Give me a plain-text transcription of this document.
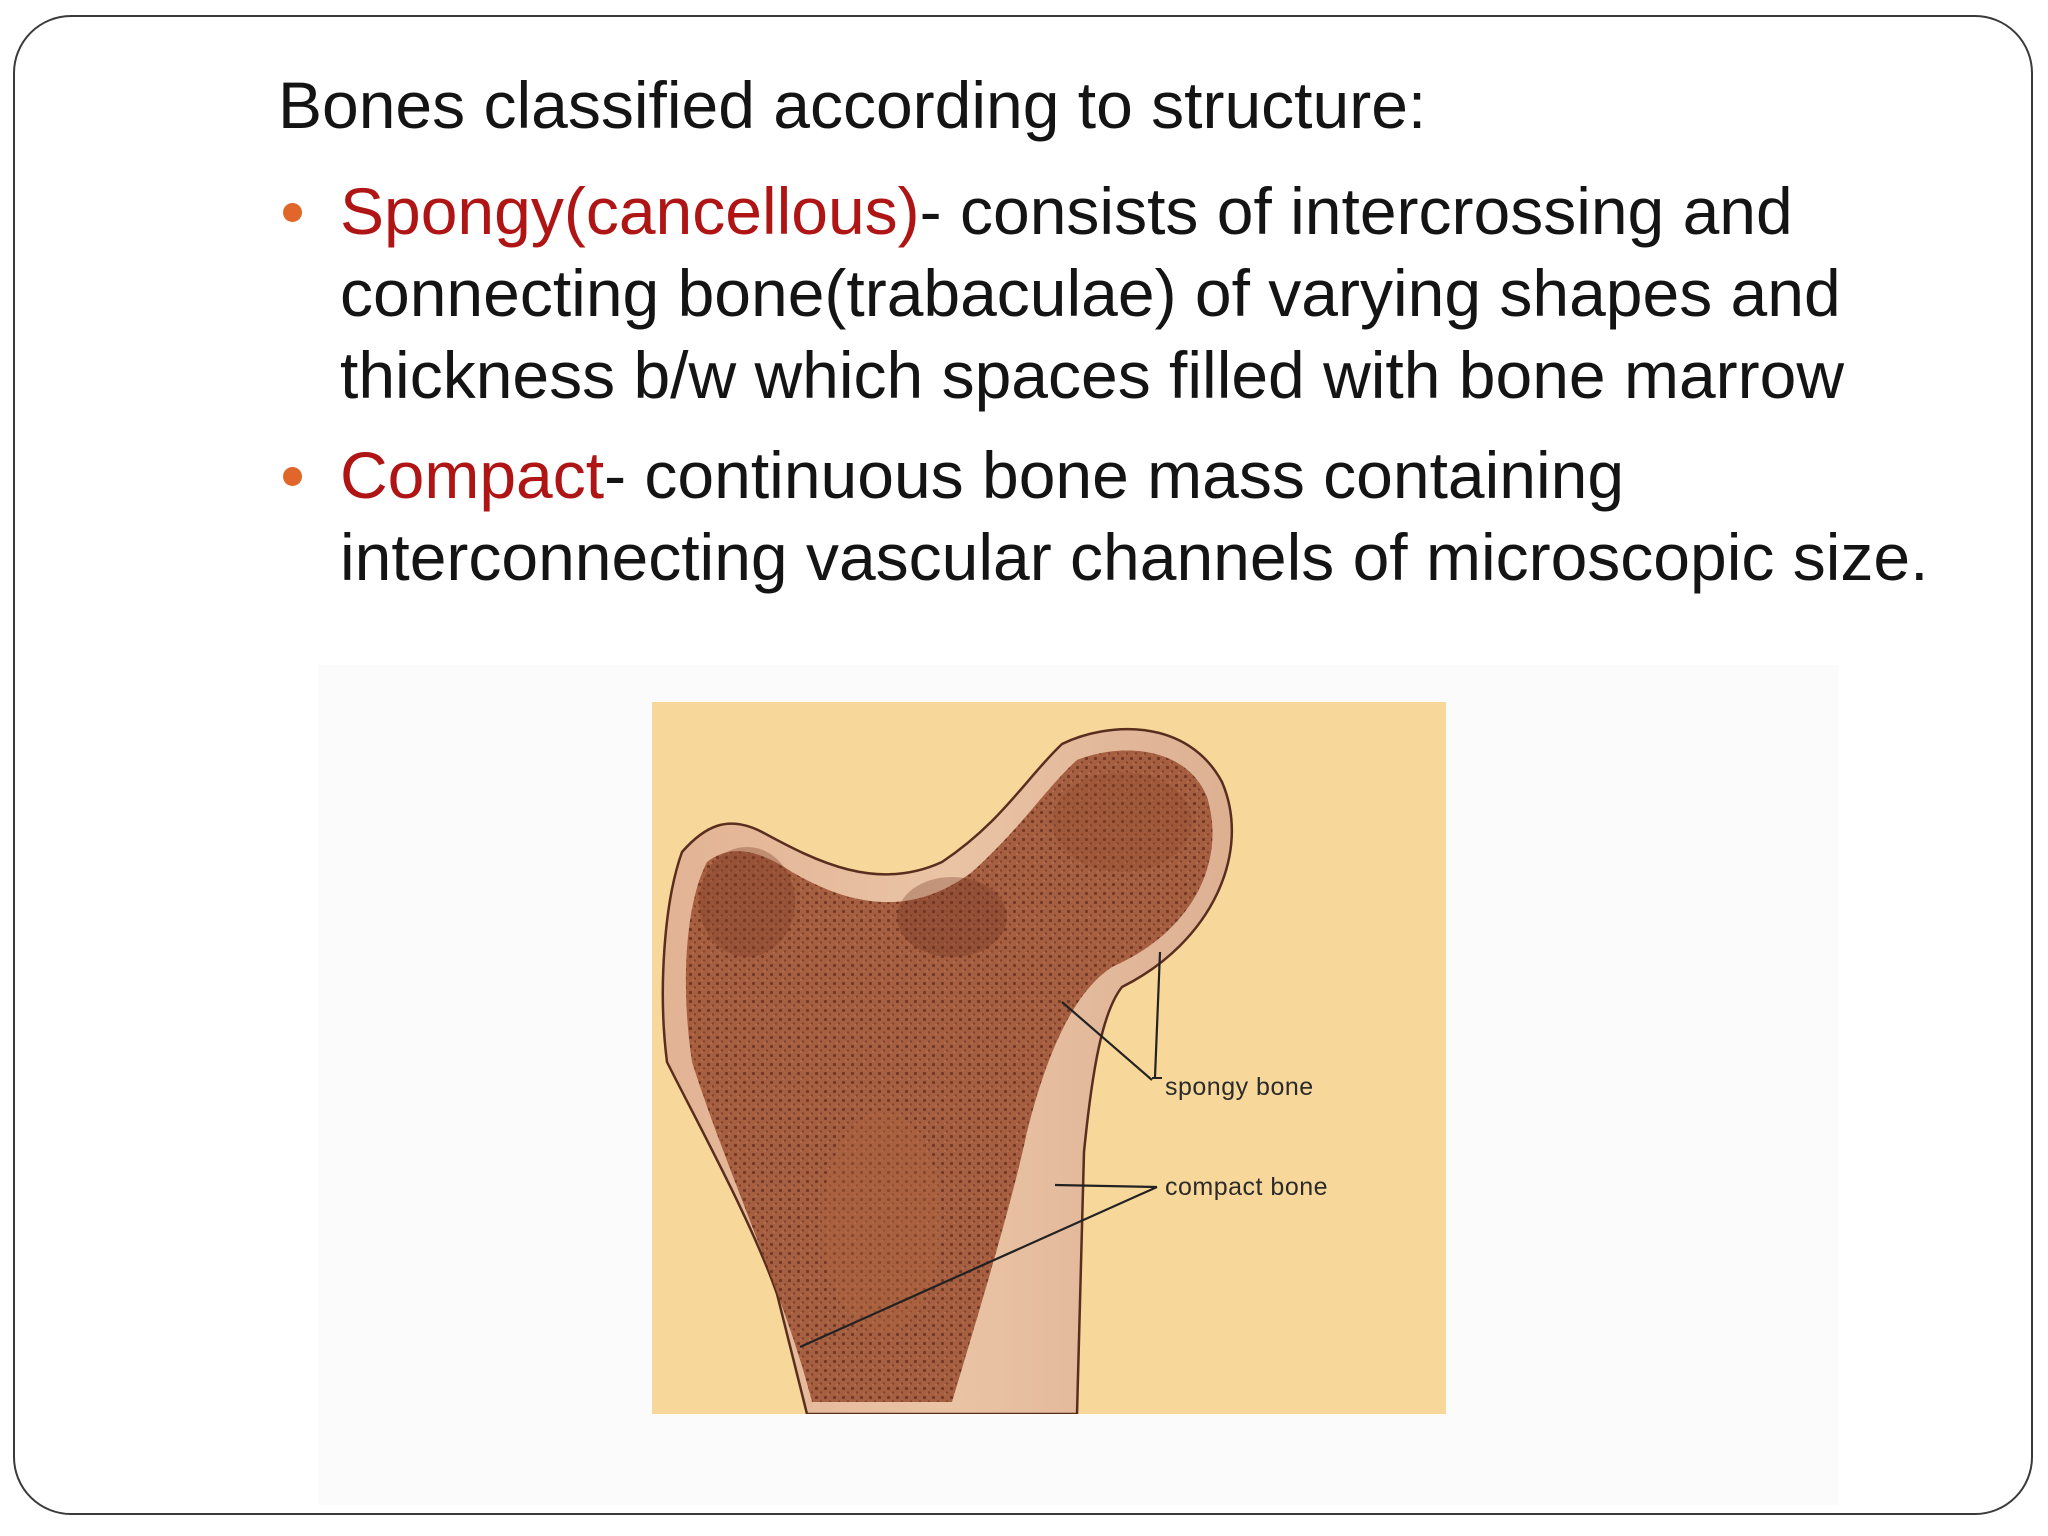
Bones classified according to structure:
Spongy(cancellous)- consists of intercrossing and connecting bone(trabaculae) of varying shapes and thickness b/w which spaces filled with bone marrow
Compact- continuous bone mass containing interconnecting vascular channels of microscopic size.
spongy bone
compact bone
